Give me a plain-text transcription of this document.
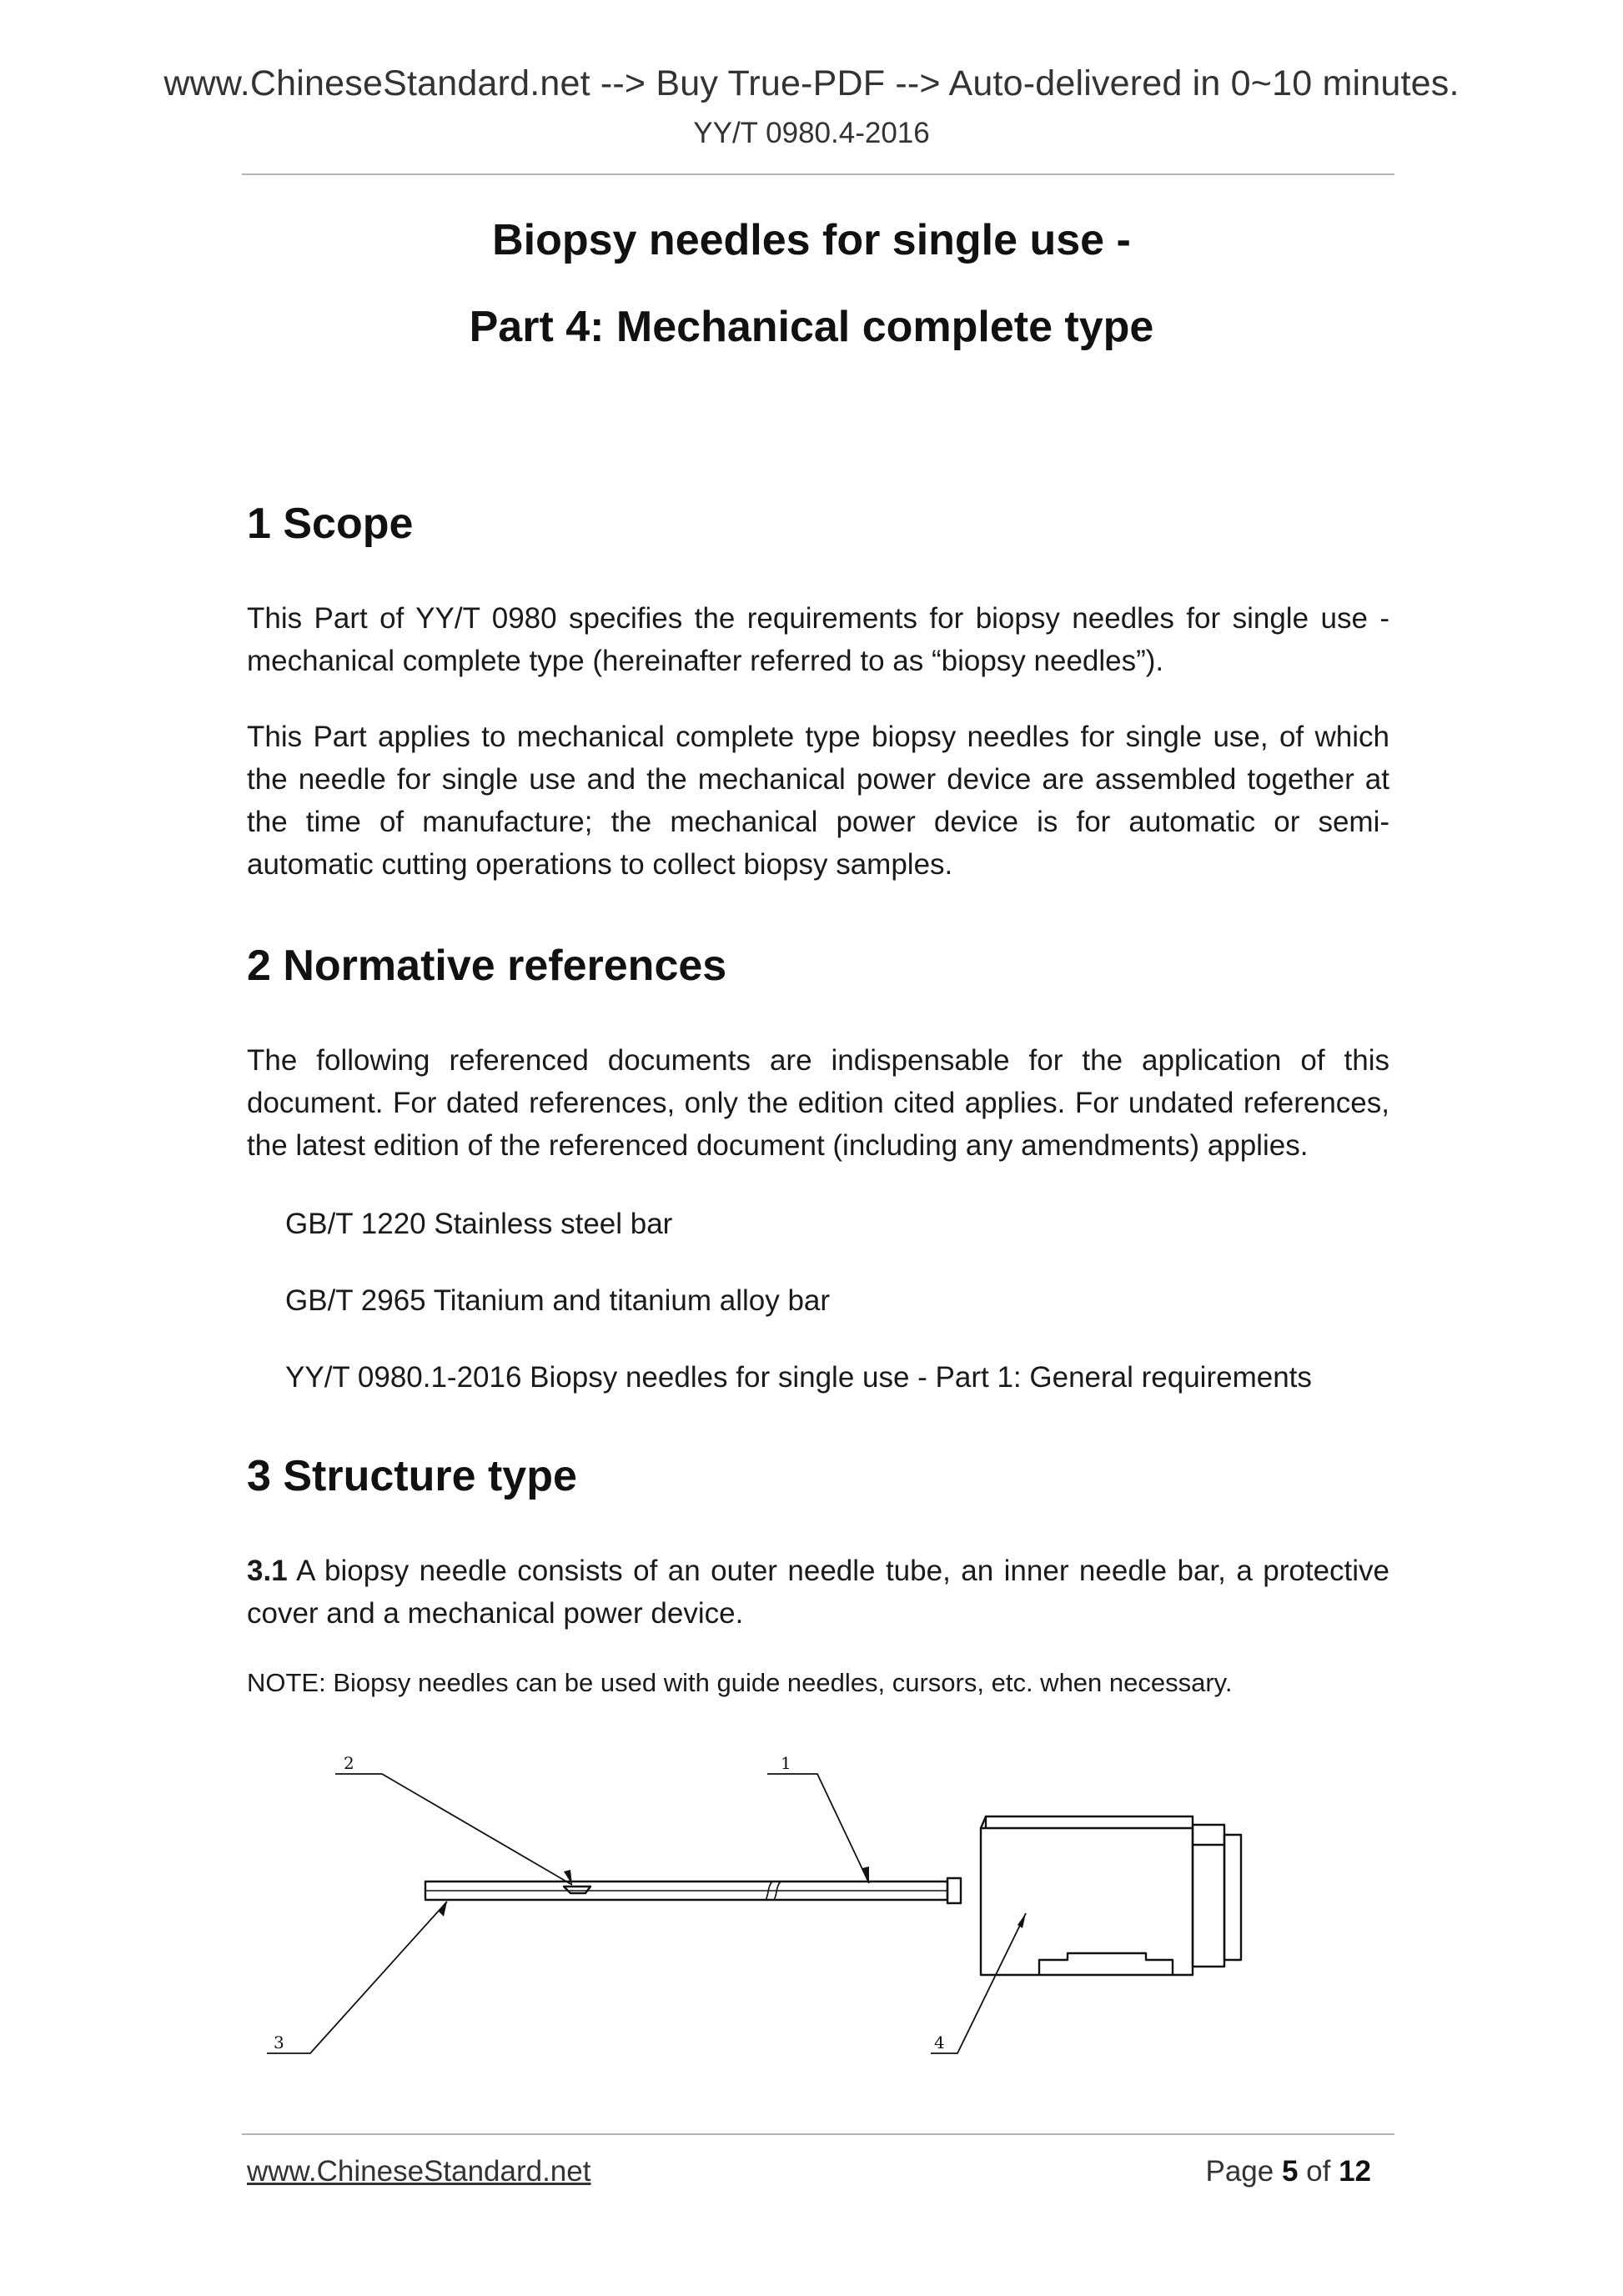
www.ChineseStandard.net --> Buy True-PDF --> Auto-delivered in 0~10 minutes.
YY/T 0980.4-2016
Biopsy needles for single use -
Part 4: Mechanical complete type
1 Scope
This Part of YY/T 0980 specifies the requirements for biopsy needles for single use - mechanical complete type (hereinafter referred to as “biopsy needles”).
This Part applies to mechanical complete type biopsy needles for single use, of which the needle for single use and the mechanical power device are assembled together at the time of manufacture; the mechanical power device is for automatic or semi-automatic cutting operations to collect biopsy samples.
2 Normative references
The following referenced documents are indispensable for the application of this document. For dated references, only the edition cited applies. For undated references, the latest edition of the referenced document (including any amendments) applies.
GB/T 1220 Stainless steel bar
GB/T 2965 Titanium and titanium alloy bar
YY/T 0980.1-2016 Biopsy needles for single use - Part 1: General requirements
3 Structure type
3.1 A biopsy needle consists of an outer needle tube, an inner needle bar, a protective cover and a mechanical power device.
NOTE: Biopsy needles can be used with guide needles, cursors, etc. when necessary.
2	1
3	4
www.ChineseStandard.net	Page 5 of 12
